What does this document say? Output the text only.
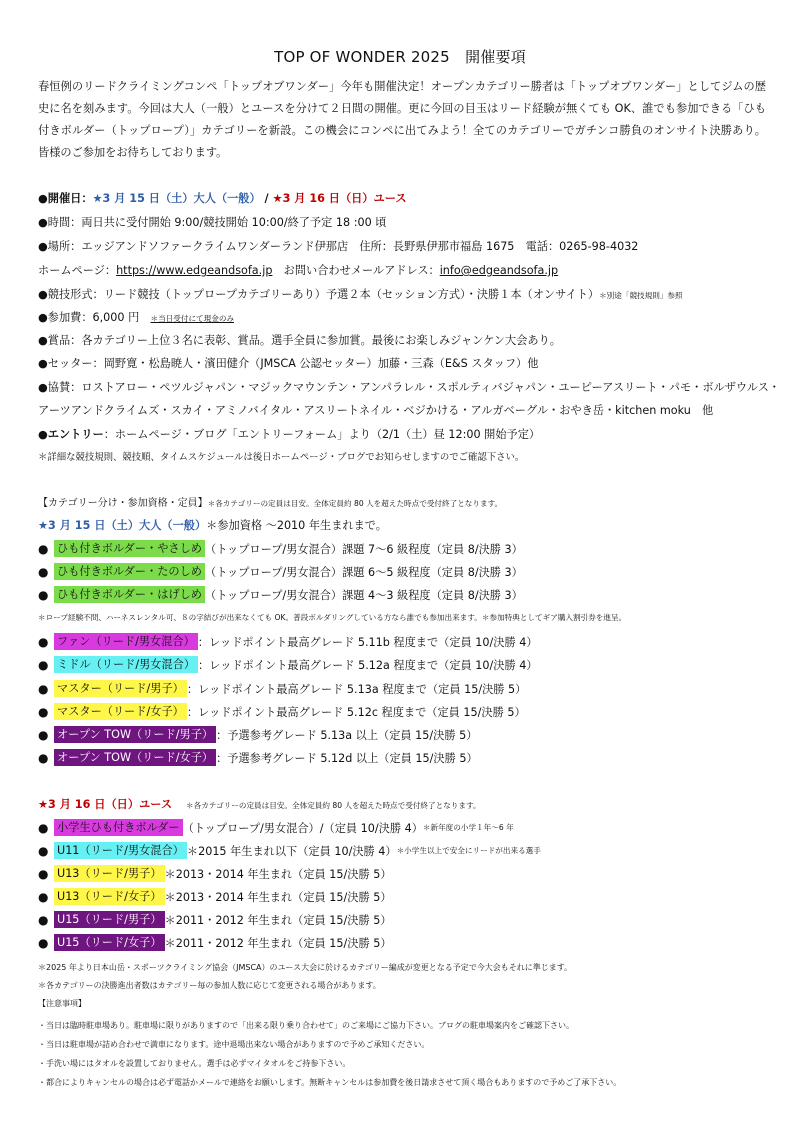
TOP OF WONDER 2025　開催要項
春恒例のリードクライミングコンペ「トップオブワンダー」今年も開催決定！オープンカテゴリー勝者は「トップオブワンダー」としてジムの歴史に名を刻みます。今回は大人（一般）とユースを分けて２日間の開催。更に今回の目玉はリード経験が無くても OK、誰でも参加できる「ひも付きボルダー（トップロープ）」カテゴリーを新設。この機会にコンペに出てみよう！全てのカテゴリーでガチンコ勝負のオンサイト決勝あり。皆様のご参加をお待ちしております。
●開催日：★3 月 15 日（土）大人（一般） / ★3 月 16 日（日）ユース
●時間：両日共に受付開始 9:00/競技開始 10:00/終了予定 18 :00 頃
●場所：エッジアンドソファークライムワンダーランド伊那店　住所：長野県伊那市福島 1675　電話：0265-98-4032
ホームページ：https://www.edgeandsofa.jp　お問い合わせメールアドレス：info@edgeandsofa.jp
●競技形式：リード競技（トップロープカテゴリーあり）予選２本（セッション方式）・決勝１本（オンサイト）＊別途「競技規則」参照
●参加費：6,000 円　＊当日受付にて現金のみ
●賞品：各カテゴリー上位３名に表彰、賞品。選手全員に参加賞。最後にお楽しみジャンケン大会あり。
●セッター：岡野寛・松島暁人・濱田健介（JMSCA 公認セッター）加藤・三森（E&S スタッフ）他
●協賛：ロストアロー・ペツルジャパン・マジックマウンテン・アンパラレル・スポルティバジャパン・ユーピーアスリート・パモ・ボルザウルス・
アーツアンドクライムズ・スカイ・アミノバイタル・アスリートネイル・ベジかける・アルガベーグル・おやき岳・kitchen moku　他
●エントリー：ホームページ・ブログ「エントリーフォーム」より（2/1（土）昼 12:00 開始予定）
＊詳細な競技規則、競技順、タイムスケジュールは後日ホームページ・ブログでお知らせしますのでご確認下さい。
【カテゴリー分け・参加資格・定員】＊各カテゴリーの定員は目安。全体定員約 80 人を超えた時点で受付終了となります。
★3 月 15 日（土）大人（一般）＊参加資格 ～2010 年生まれまで。
● ひも付きボルダー・やさしめ （トップロープ/男女混合）課題 7～6 級程度（定員 8/決勝 3）
● ひも付きボルダー・たのしめ （トップロープ/男女混合）課題 6～5 級程度（定員 8/決勝 3）
● ひも付きボルダー・はげしめ （トップロープ/男女混合）課題 4～3 級程度（定員 8/決勝 3）
＊ロープ経験不問、ハーネスレンタル可、８の字結びが出来なくても OK。普段ボルダリングしている方なら誰でも参加出来ます。＊参加特典としてギア購入割引券を進呈。
● ファン（リード/男女混合） ：レッドポイント最高グレード 5.11b 程度まで（定員 10/決勝 4）
● ミドル（リード/男女混合） ：レッドポイント最高グレード 5.12a 程度まで（定員 10/決勝 4）
● マスター（リード/男子） ：レッドポイント最高グレード 5.13a 程度まで（定員 15/決勝 5）
● マスター（リード/女子） ：レッドポイント最高グレード 5.12c 程度まで（定員 15/決勝 5）
● オープン TOW（リード/男子） ：予選参考グレード 5.13a 以上（定員 15/決勝 5）
● オープン TOW（リード/女子） ：予選参考グレード 5.12d 以上（定員 15/決勝 5）
★3 月 16 日（日）ユース ＊各カテゴリーの定員は目安。全体定員約 80 人を超えた時点で受付終了となります。
● 小学生ひも付きボルダー （トップロープ/男女混合）/（定員 10/決勝 4） ＊新年度の小学１年～6 年
● U11（リード/男女混合） ＊2015 年生まれ以下（定員 10/決勝 4） ＊小学生以上で安全にリードが出来る選手
● U13（リード/男子） ＊2013・2014 年生まれ（定員 15/決勝 5）
● U13（リード/女子） ＊2013・2014 年生まれ（定員 15/決勝 5）
● U15（リード/男子） ＊2011・2012 年生まれ（定員 15/決勝 5）
● U15（リード/女子） ＊2011・2012 年生まれ（定員 15/決勝 5）
＊2025 年より日本山岳・スポーツクライミング協会（JMSCA）のユース大会に於けるカテゴリー編成が変更となる予定で今大会もそれに準じます。
＊各カテゴリーの決勝進出者数はカテゴリー毎の参加人数に応じて変更される場合があります。
【注意事項】
・当日は臨時駐車場あり。駐車場に限りがありますので「出来る限り乗り合わせて」のご来場にご協力下さい。ブログの駐車場案内をご確認下さい。
・当日は駐車場が詰め合わせで満車になります。途中退場出来ない場合がありますので予めご承知ください。
・手洗い場にはタオルを設置しておりません。選手は必ずマイタオルをご持参下さい。
・都合によりキャンセルの場合は必ず電話かメールで連絡をお願いします。無断キャンセルは参加費を後日請求させて頂く場合もありますので予めご了承下さい。
